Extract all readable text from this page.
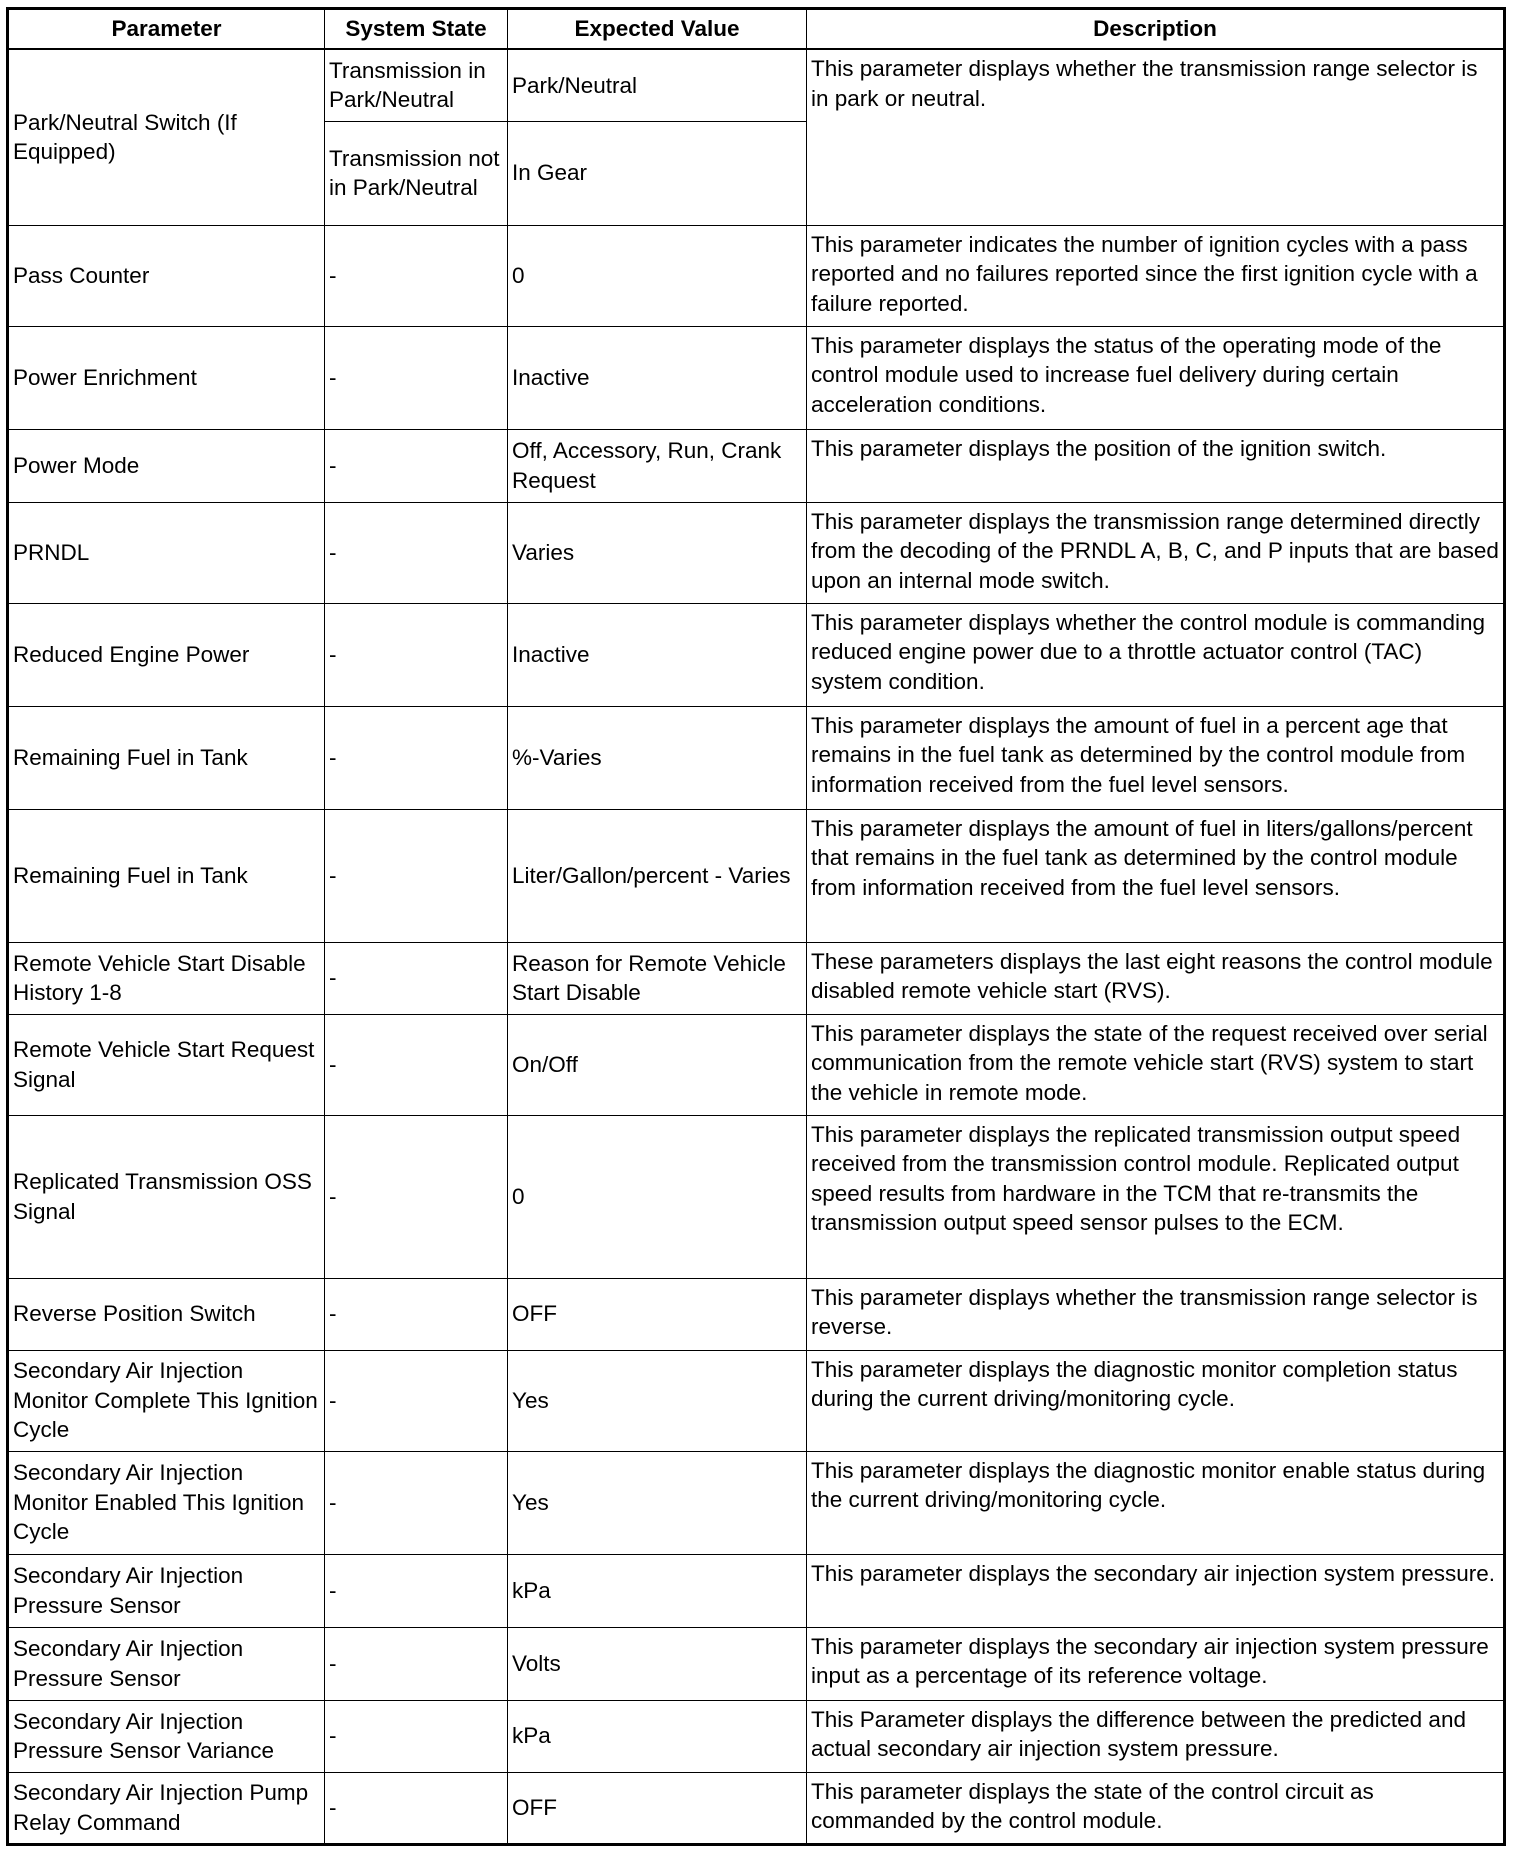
Parameter	System State	Expected Value	Description
Park/Neutral Switch (If Equipped)	Transmission in Park/Neutral	Park/Neutral	This parameter displays whether the transmission range selector is in park or neutral.
	Transmission not in Park/Neutral	In Gear	
Pass Counter	-	0	This parameter indicates the number of ignition cycles with a pass reported and no failures reported since the first ignition cycle with a failure reported.
Power Enrichment	-	Inactive	This parameter displays the status of the operating mode of the control module used to increase fuel delivery during certain acceleration conditions.
Power Mode	-	Off, Accessory, Run, Crank Request	This parameter displays the position of the ignition switch.
PRNDL	-	Varies	This parameter displays the transmission range determined directly from the decoding of the PRNDL A, B, C, and P inputs that are based upon an internal mode switch.
Reduced Engine Power	-	Inactive	This parameter displays whether the control module is commanding reduced engine power due to a throttle actuator control (TAC) system condition.
Remaining Fuel in Tank	-	%-Varies	This parameter displays the amount of fuel in a percent age that remains in the fuel tank as determined by the control module from information received from the fuel level sensors.
Remaining Fuel in Tank	-	Liter/Gallon/percent - Varies	This parameter displays the amount of fuel in liters/gallons/percent that remains in the fuel tank as determined by the control module from information received from the fuel level sensors.
Remote Vehicle Start Disable History 1-8	-	Reason for Remote Vehicle Start Disable	These parameters displays the last eight reasons the control module disabled remote vehicle start (RVS).
Remote Vehicle Start Request Signal	-	On/Off	This parameter displays the state of the request received over serial communication from the remote vehicle start (RVS) system to start the vehicle in remote mode.
Replicated Transmission OSS Signal	-	0	This parameter displays the replicated transmission output speed received from the transmission control module. Replicated output speed results from hardware in the TCM that re-transmits the transmission output speed sensor pulses to the ECM.
Reverse Position Switch	-	OFF	This parameter displays whether the transmission range selector is reverse.
Secondary Air Injection Monitor Complete This Ignition Cycle	-	Yes	This parameter displays the diagnostic monitor completion status during the current driving/monitoring cycle.
Secondary Air Injection Monitor Enabled This Ignition Cycle	-	Yes	This parameter displays the diagnostic monitor enable status during the current driving/monitoring cycle.
Secondary Air Injection Pressure Sensor	-	kPa	This parameter displays the secondary air injection system pressure.
Secondary Air Injection Pressure Sensor	-	Volts	This parameter displays the secondary air injection system pressure input as a percentage of its reference voltage.
Secondary Air Injection Pressure Sensor Variance	-	kPa	This Parameter displays the difference between the predicted and actual secondary air injection system pressure.
Secondary Air Injection Pump Relay Command	-	OFF	This parameter displays the state of the control circuit as commanded by the control module.
